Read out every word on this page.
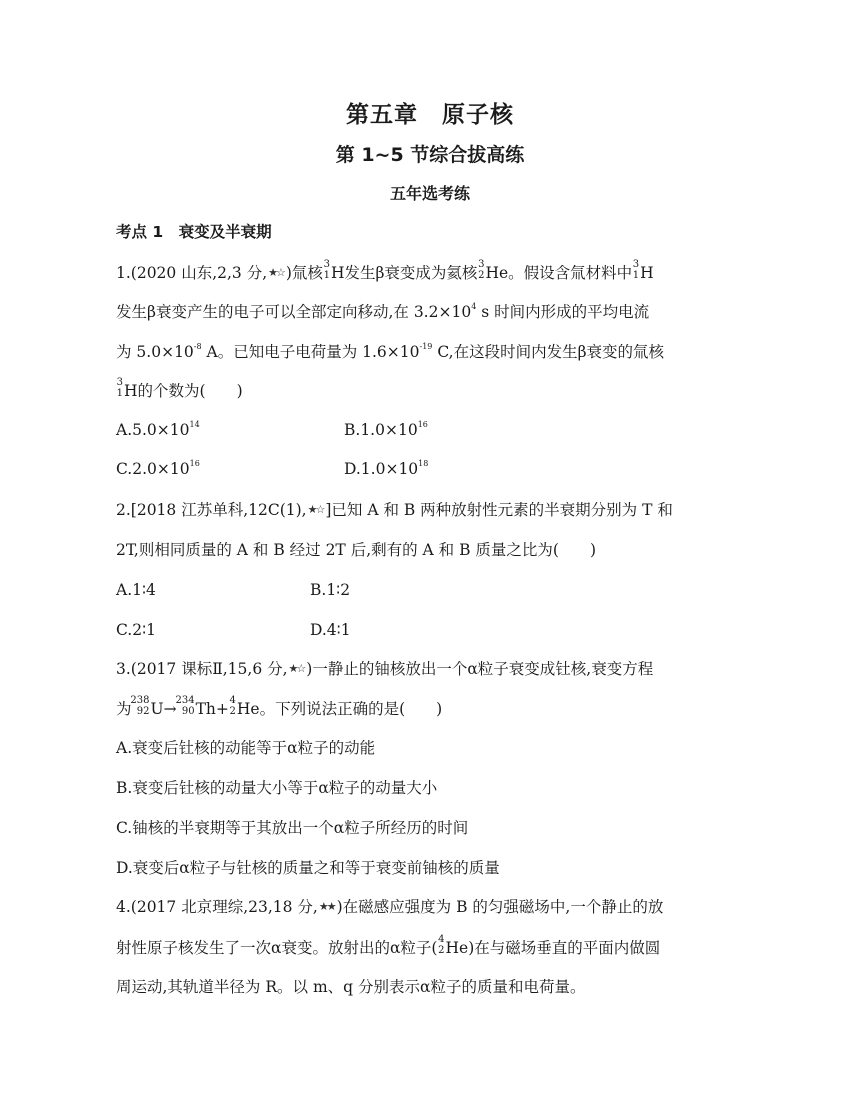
第五章　原子核
第 1~5 节综合拔高练
五年选考练
考点 1　衰变及半衰期
1.(2020 山东,2,3 分,★☆ )氚核 3
1 H发生β衰变成为氦核 3
2 He。假设含氚材料中 3
1 H
发生β衰变产生的电子可以全部定向移动,在 $3.2\times 10^4$ s 时间内形成的平均电流
为 $5.0\times 10^{-8}$ A。已知电子电荷量为 $1.6\times 10^{-19}$ C,在这段时间内发生β衰变的氚核
3
1 H的个数为(　　)
$A.5.0\times 10^{14}$	$B.1.0\times 10^{16}$
$C.2.0\times 10^{16}$	$D.1.0\times 10^{18}$
2.[2018 江苏单科,12C(1),★☆ ]已知 A 和 B 两种放射性元素的半衰期分别为 T 和
2T,则相同质量的 A 和 B 经过 2T 后,剩有的 A 和 B 质量之比为(　　)
A.1∶4	B.1∶2
C.2∶1	D.4∶1
3.(2017 课标Ⅱ,15,6 分,★☆ )一静止的铀核放出一个α粒子衰变成钍核,衰变方程
为
238
92 U→
234
90 Th+ 4
2 He。下列说法正确的是(　　)
A.衰变后钍核的动能等于α粒子的动能
B.衰变后钍核的动量大小等于α粒子的动量大小
C.铀核的半衰期等于其放出一个α粒子所经历的时间
D.衰变后α粒子与钍核的质量之和等于衰变前铀核的质量
4.(2017 北京理综,23,18 分,★★ )在磁感应强度为 B 的匀强磁场中,一个静止的放
射性原子核发生了一次α衰变。放射出的α粒子( 4
2 He)在与磁场垂直的平面内做圆
周运动,其轨道半径为 R。以 m、q 分别表示α粒子的质量和电荷量。
